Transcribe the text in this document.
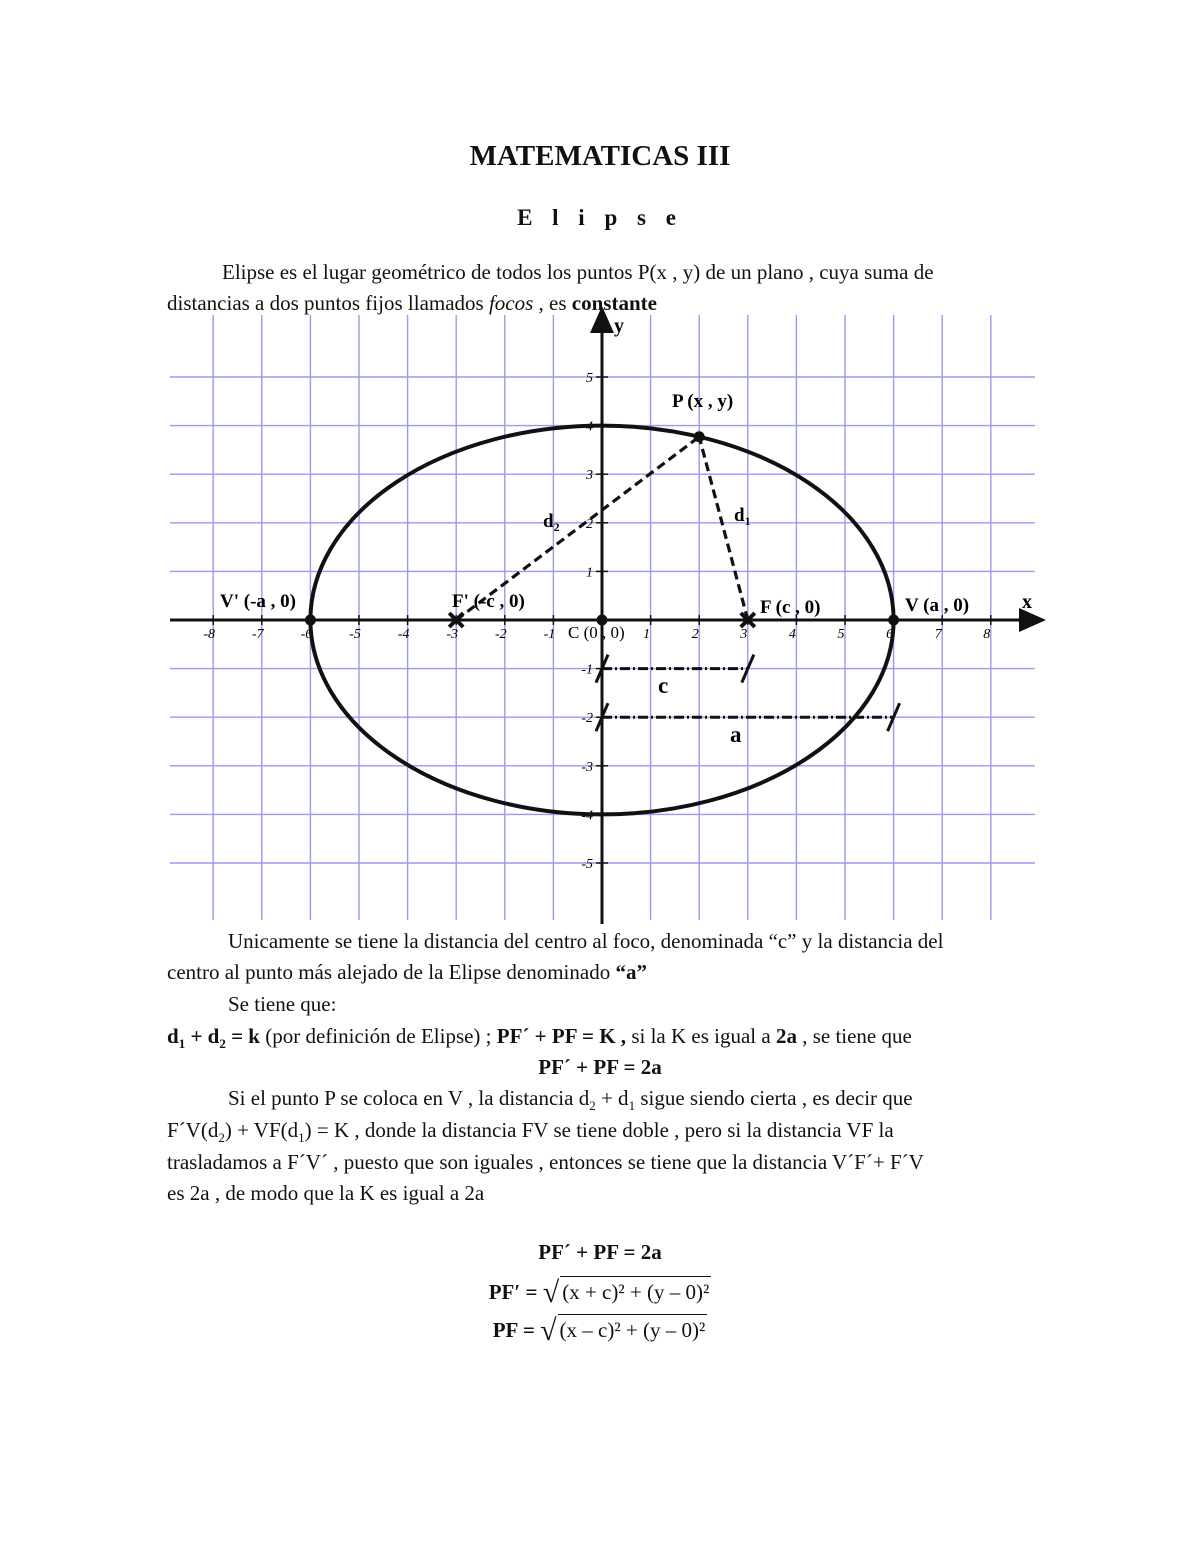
MATEMATICAS III
E l i p s e
Elipse es el lugar geométrico de todos los puntos P(x , y) de un plano , cuya suma de
distancias a dos puntos fijos llamados focos , es constante
x
y
-8	-7	-6	-5	-4	-3	-2	-1	1	2	3	4	5	6	7	8
5
4
3
2
1
-1
-2
-3
-4
-5
P (x , y)
F (c , 0)
F' (-c , 0)	V (a , 0)
V' (-a , 0)
C (0 , 0)
$d_1$
$d_2$
c
a
Unicamente se tiene la distancia del centro al foco, denominada “c” y la distancia del
centro al punto más alejado de la Elipse denominado “a”
Se tiene que:
$d_1 + d_2 = k$ (por definición de Elipse) ; PF´ + PF = K , si la K es igual a 2a , se tiene que
PF´ + PF = 2a
Si el punto P se coloca en V , la distancia $d_2 + d_1$ sigue siendo cierta , es decir que
$F´V(d_2) + VF(d_1) = K$ , donde la distancia FV se tiene doble , pero si la distancia VF la
trasladamos a F´V´ , puesto que son iguales , entonces se tiene que la distancia V´F´+ F´V
es 2a , de modo que la K es igual a 2a
PF´ + PF = 2a
PF′ = √ (x + c)² + (y – 0)²
PF = √ (x – c)² + (y – 0)²
